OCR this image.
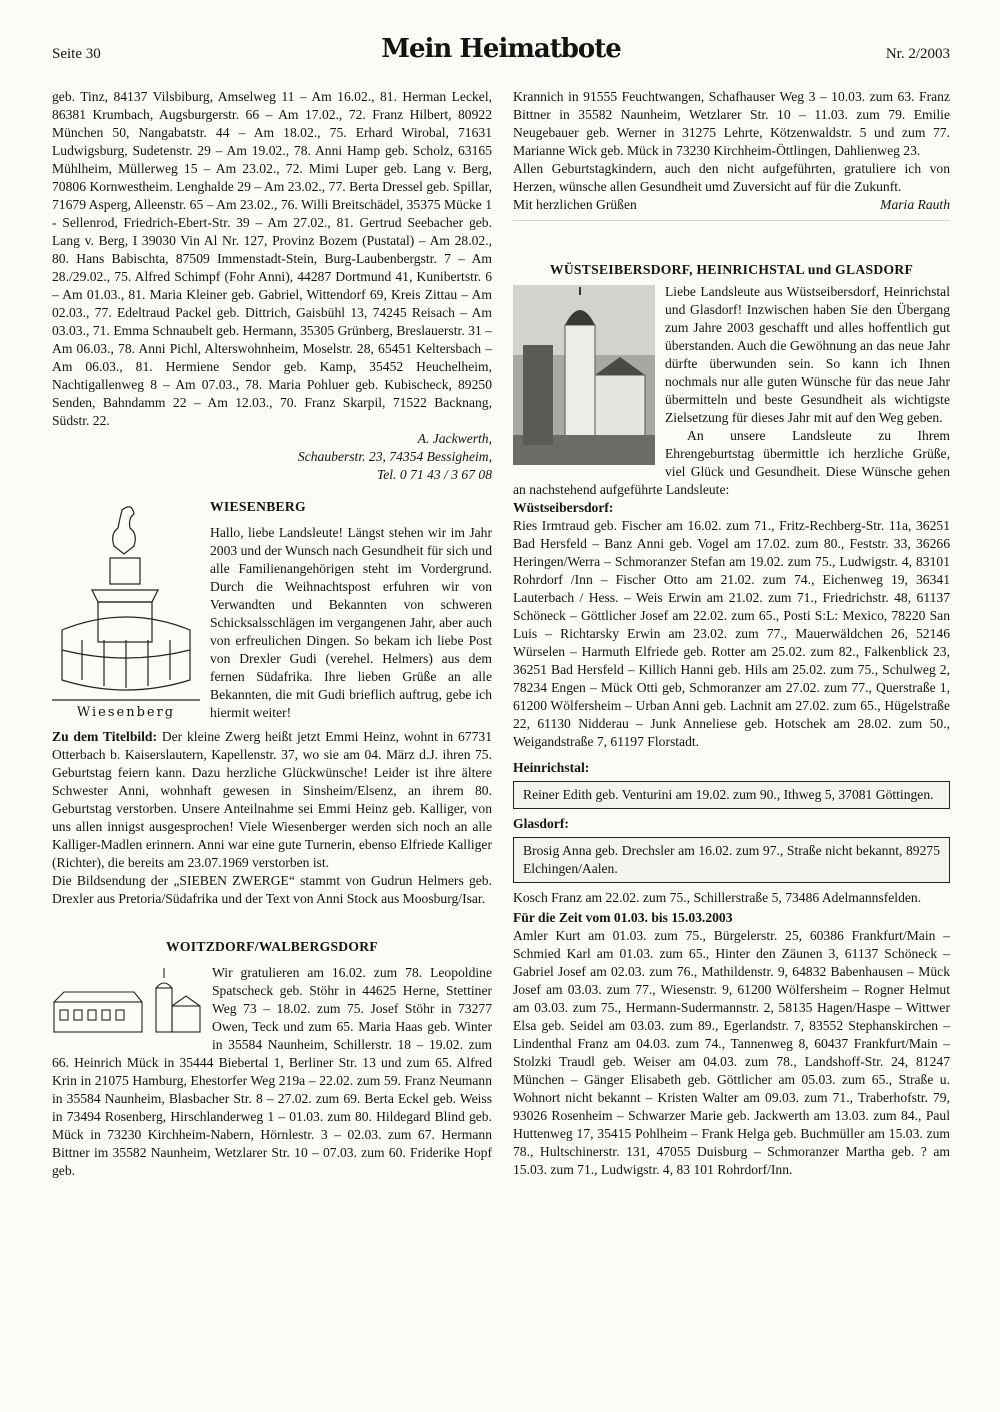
Seite 30	Mein Heimatbote	Nr. 2/2003

geb. Tinz, 84137 Vilsbiburg, Amselweg 11 – Am 16.02., 81. Herman Leckel, 86381 Krumbach, Augsburgerstr. 66 – Am 17.02., 72. Franz Hilbert, 80922 München 50, Nangabatstr. 44 – Am 18.02., 75. Erhard Wirobal, 71631 Ludwigsburg, Sudetenstr. 29 – Am 19.02., 78. Anni Hamp geb. Scholz, 63165 Mühlheim, Müllerweg 15 – Am 23.02., 72. Mimi Luper geb. Lang v. Berg, 70806 Kornwestheim. Lenghalde 29 – Am 23.02., 77. Berta Dressel geb. Spillar, 71679 Asperg, Alleenstr. 65 – Am 23.02., 76. Willi Breitschädel, 35375 Mücke 1 - Sellenrod, Friedrich-Ebert-Str. 39 – Am 27.02., 81. Gertrud Seebacher geb. Lang v. Berg, I 39030 Vin Al Nr. 127, Provinz Bozem (Pustatal) – Am 28.02., 80. Hans Babischta, 87509 Immenstadt-Stein, Burg-Laubenbergstr. 7 – Am 28./29.02., 75. Alfred Schimpf (Fohr Anni), 44287 Dortmund 41, Kunibertstr. 6 – Am 01.03., 81. Maria Kleiner geb. Gabriel, Wittendorf 69, Kreis Zittau – Am 02.03., 77. Edeltraud Packel geb. Dittrich, Gaisbühl 13, 74245 Reisach – Am 03.03., 71. Emma Schnaubelt geb. Hermann, 35305 Grünberg, Breslauerstr. 31 – Am 06.03., 78. Anni Pichl, Alterswohnheim, Moselstr. 28, 65451 Keltersbach – Am 06.03., 81. Hermiene Sendor geb. Kamp, 35452 Heuchelheim, Nachtigallenweg 8 – Am 07.03., 78. Maria Pohluer geb. Kubischeck, 89250 Senden, Bahndamm 22 – Am 12.03., 70. Franz Skarpil, 71522 Backnang, Südstr. 22.

A. Jackwerth,

Schauberstr. 23, 74354 Bessigheim,

Tel. 0 71 43 / 3 67 08

Wiesenberg

WIESENBERG

Hallo, liebe Landsleute! Längst stehen wir im Jahr 2003 und der Wunsch nach Gesundheit für sich und alle Familienangehörigen steht im Vordergrund. Durch die Weihnachtspost erfuhren wir von Verwandten und Bekannten von schweren Schicksalsschlägen im vergangenen Jahr, aber auch von erfreulichen Dingen. So bekam ich liebe Post von Drexler Gudi (verehel. Helmers) aus dem fernen Südafrika. Ihre lieben Grüße an alle Bekannten, die mit Gudi brieflich auftrug, gebe ich hiermit weiter!

Zu dem Titelbild: Der kleine Zwerg heißt jetzt Emmi Heinz, wohnt in 67731 Otterbach b. Kaiserslautern, Kapellenstr. 37, wo sie am 04. März d.J. ihren 75. Geburtstag feiern kann. Dazu herzliche Glückwünsche! Leider ist ihre ältere Schwester Anni, wohnhaft gewesen in Sinsheim/Elsenz, an ihrem 80. Geburtstag verstorben. Unsere Anteilnahme sei Emmi Heinz geb. Kalliger, von uns allen innigst ausgesprochen! Viele Wiesenberger werden sich noch an alle Kalliger-Madlen erinnern. Anni war eine gute Turnerin, ebenso Elfriede Kalliger (Richter), die bereits am 23.07.1969 verstorben ist.

Die Bildsendung der „SIEBEN ZWERGE“ stammt von Gudrun Helmers geb. Drexler aus Pretoria/Südafrika und der Text von Anni Stock aus Moosburg/Isar.

WOITZDORF/WALBERGSDORF

Wir gratulieren am 16.02. zum 78. Leopoldine Spatscheck geb. Stöhr in 44625 Herne, Stettiner Weg 73 – 18.02. zum 75. Josef Stöhr in 73277 Owen, Teck und zum 65. Maria Haas geb. Winter in 35584 Naunheim, Schillerstr. 18 – 19.02. zum 66. Heinrich Mück in 35444 Biebertal 1, Berliner Str. 13 und zum 65. Alfred Krin in 21075 Hamburg, Ehestorfer Weg 219a – 22.02. zum 59. Franz Neumann in 35584 Naunheim, Blasbacher Str. 8 – 27.02. zum 69. Berta Eckel geb. Weiss in 73494 Rosenberg, Hirschlanderweg 1 – 01.03. zum 80. Hildegard Blind geb. Mück in 73230 Kirchheim-Nabern, Hörnlestr. 3 – 02.03. zum 67. Hermann Bittner im 35582 Naunheim, Wetzlarer Str. 10 – 07.03. zum 60. Friderike Hopf geb.

Krannich in 91555 Feuchtwangen, Schafhauser Weg 3 – 10.03. zum 63. Franz Bittner in 35582 Naunheim, Wetzlarer Str. 10 – 11.03. zum 79. Emilie Neugebauer geb. Werner in 31275 Lehrte, Kötzenwaldstr. 5 und zum 77. Marianne Wick geb. Mück in 73230 Kirchheim-Öttlingen, Dahlienweg 23.

Allen Geburtstagkindern, auch den nicht aufgeführten, gratuliere ich von Herzen, wünsche allen Gesundheit umd Zuversicht auf für die Zukunft.

Mit herzlichen Grüßen	Maria Rauth

WÜSTSEIBERSDORF, HEINRICHSTAL und GLASDORF

Liebe Landsleute aus Wüstseibersdorf, Heinrichstal und Glasdorf! Inzwischen haben Sie den Übergang zum Jahre 2003 geschafft und alles hoffentlich gut überstanden. Auch die Gewöhnung an das neue Jahr dürfte überwunden sein. So kann ich Ihnen nochmals nur alle guten Wünsche für das neue Jahr übermitteln und beste Gesundheit als wichtigste Zielsetzung für dieses Jahr mit auf den Weg geben.

An unsere Landsleute zu Ihrem Ehrengeburtstag übermittle ich herzliche Grüße, viel Glück und Gesundheit. Diese Wünsche gehen an nachstehend aufgeführte Landsleute:

Wüstseibersdorf:

Ries Irmtraud geb. Fischer am 16.02. zum 71., Fritz-Rechberg-Str. 11a, 36251 Bad Hersfeld – Banz Anni geb. Vogel am 17.02. zum 80., Feststr. 33, 36266 Heringen/Werra – Schmoranzer Stefan am 19.02. zum 75., Ludwigstr. 4, 83101 Rohrdorf /Inn – Fischer Otto am 21.02. zum 74., Eichenweg 19, 36341 Lauterbach / Hess. – Weis Erwin am 21.02. zum 71., Friedrichstr. 48, 61137 Schöneck – Göttlicher Josef am 22.02. zum 65., Posti S:L: Mexico, 78220 San Luis – Richtarsky Erwin am 23.02. zum 77., Mauerwäldchen 26, 52146 Würselen – Harmuth Elfriede geb. Rotter am 25.02. zum 82., Falkenblick 23, 36251 Bad Hersfeld – Killich Hanni geb. Hils am 25.02. zum 75., Schulweg 2, 78234 Engen – Mück Otti geb, Schmoranzer am 27.02. zum 77., Querstraße 1, 61200 Wölfersheim – Urban Anni geb. Lachnit am 27.02. zum 65., Hügelstraße 22, 61130 Nidderau – Junk Anneliese geb. Hotschek am 28.02. zum 50., Weigandstraße 7, 61197 Florstadt.

Heinrichstal:

Reiner Edith geb. Venturini am 19.02. zum 90., Ithweg 5, 37081 Göttingen.

Glasdorf:

Brosig Anna geb. Drechsler am 16.02. zum 97., Straße nicht bekannt, 89275 Elchingen/Aalen.

Kosch Franz am 22.02. zum 75., Schillerstraße 5, 73486 Adelmannsfelden.

Für die Zeit vom 01.03. bis 15.03.2003

Amler Kurt am 01.03. zum 75., Bürgelerstr. 25, 60386 Frankfurt/Main – Schmied Karl am 01.03. zum 65., Hinter den Zäunen 3, 61137 Schöneck – Gabriel Josef am 02.03. zum 76., Mathildenstr. 9, 64832 Babenhausen – Mück Josef am 03.03. zum 77., Wiesenstr. 9, 61200 Wölfersheim – Rogner Helmut am 03.03. zum 75., Hermann-Sudermannstr. 2, 58135 Hagen/Haspe – Wittwer Elsa geb. Seidel am 03.03. zum 89., Egerlandstr. 7, 83552 Stephanskirchen – Lindenthal Franz am 04.03. zum 74., Tannenweg 8, 60437 Frankfurt/Main – Stolzki Traudl geb. Weiser am 04.03. zum 78., Landshoff-Str. 24, 81247 München – Gänger Elisabeth geb. Göttlicher am 05.03. zum 65., Straße u. Wohnort nicht bekannt – Kristen Walter am 09.03. zum 71., Traberhofstr. 79, 93026 Rosenheim – Schwarzer Marie geb. Jackwerth am 13.03. zum 84., Paul Huttenweg 17, 35415 Pohlheim – Frank Helga geb. Buchmüller am 15.03. zum 78., Hultschinerstr. 131, 47055 Duisburg – Schmoranzer Martha geb. ? am 15.03. zum 71., Ludwigstr. 4, 83 101 Rohrdorf/Inn.
